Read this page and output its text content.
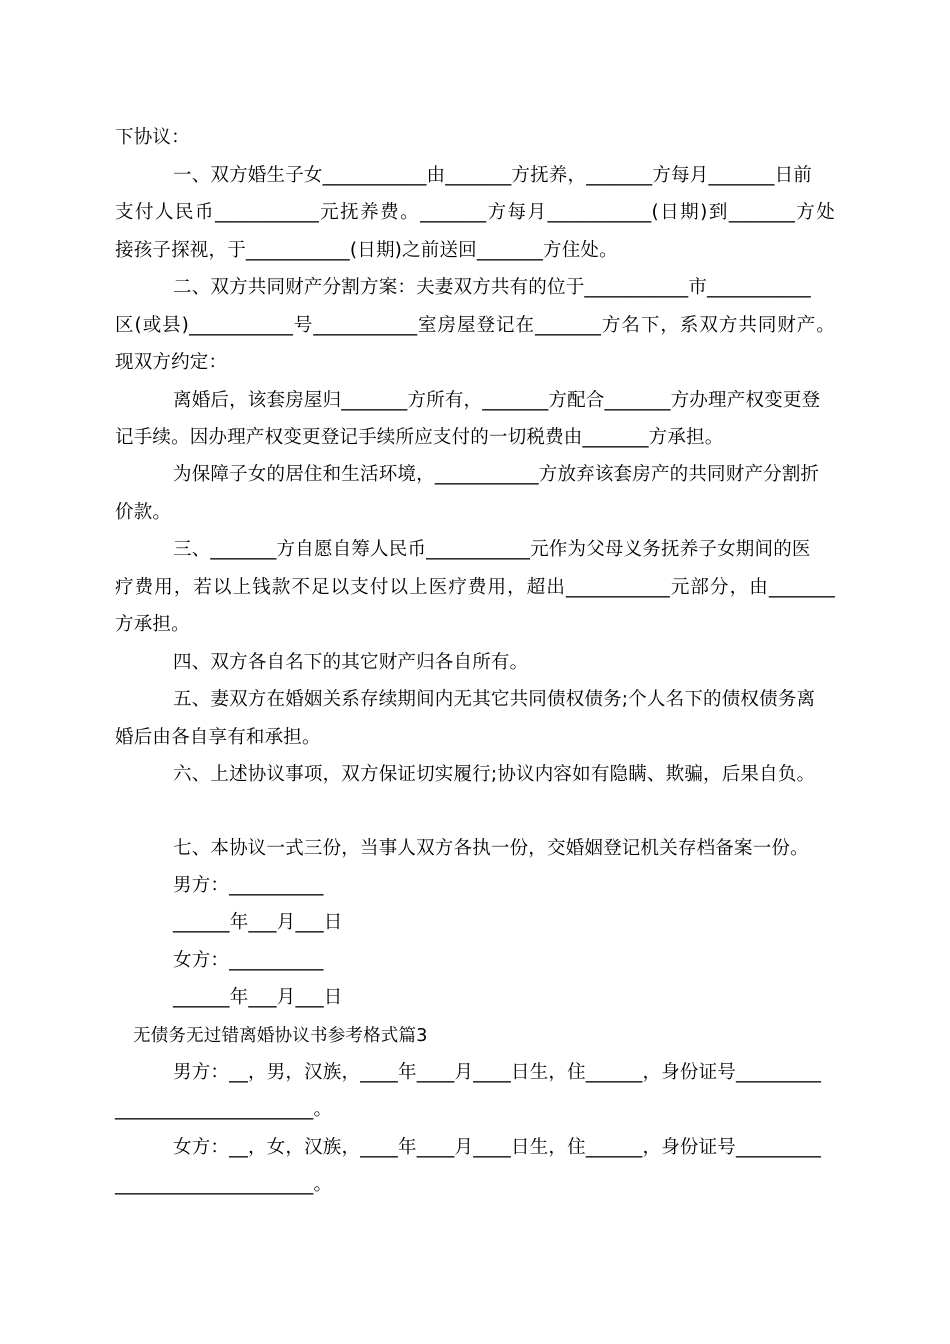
下协议：
一、双方婚生子女___________由_______方抚养，_______方每月_______日前
支付人民币___________元抚养费。_______方每月___________(日期)到_______方处
接孩子探视，于___________(日期)之前送回_______方住处。
二、双方共同财产分割方案：夫妻双方共有的位于___________市___________
区(或县)___________号___________室房屋登记在_______方名下，系双方共同财产。
现双方约定：
离婚后，该套房屋归_______方所有，_______方配合_______方办理产权变更登
记手续。因办理产权变更登记手续所应支付的一切税费由_______方承担。
为保障子女的居住和生活环境，___________方放弃该套房产的共同财产分割折
价款。
三、_______方自愿自筹人民币___________元作为父母义务抚养子女期间的医
疗费用，若以上钱款不足以支付以上医疗费用，超出___________元部分，由_______
方承担。
四、双方各自名下的其它财产归各自所有。
五、妻双方在婚姻关系存续期间内无其它共同债权债务;个人名下的债权债务离
婚后由各自享有和承担。
六、上述协议事项，双方保证切实履行;协议内容如有隐瞒、欺骗，后果自负。
七、本协议一式三份，当事人双方各执一份，交婚姻登记机关存档备案一份。
男方：__________
______年___月___日
女方：__________
______年___月___日
无债务无过错离婚协议书参考格式篇3
男方：__，男，汉族，____年____月____日生，住______，身份证号_________
_____________________。
女方：__，女，汉族，____年____月____日生，住______，身份证号_________
_____________________。
